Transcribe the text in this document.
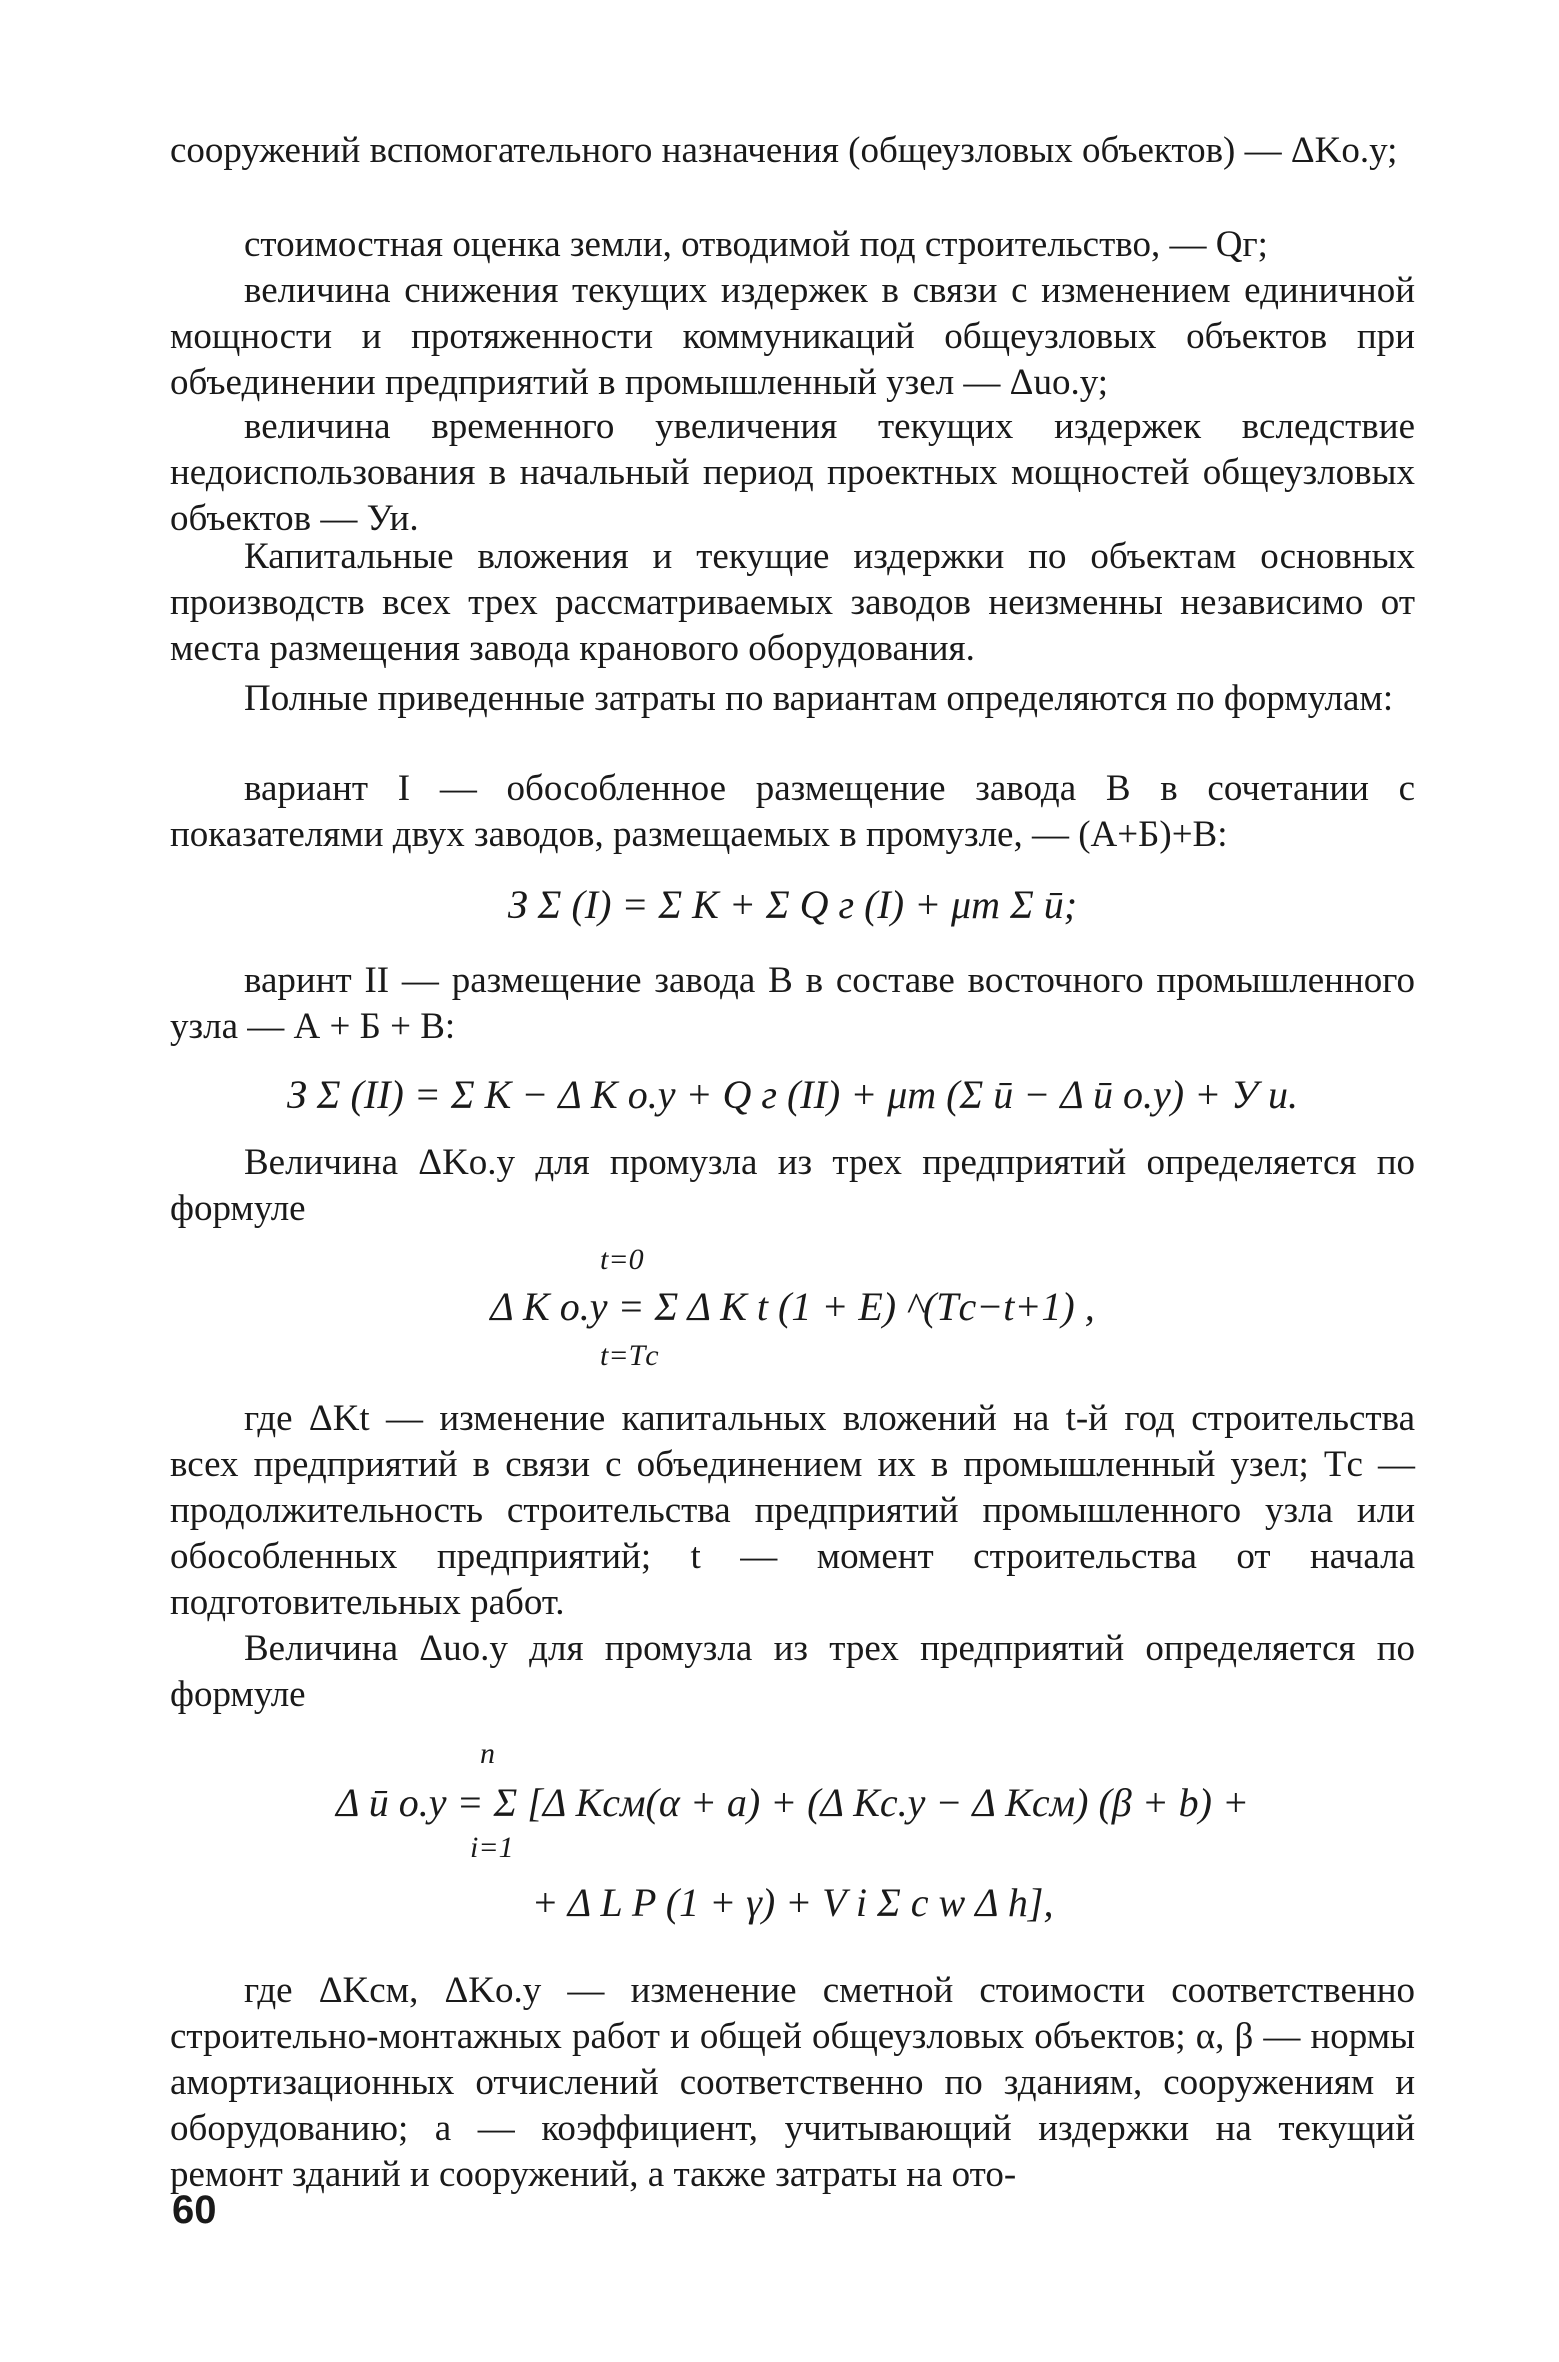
сооружений вспомогательного назначения (общеузловых объектов) — ΔKо.у;
стоимостная оценка земли, отводимой под строительство, — Qг;
величина снижения текущих издержек в связи с изменением единичной мощности и протяженности коммуникаций общеузловых объектов при объединении предприятий в промышленный узел — Δuо.у;
величина временного увеличения текущих издержек вследствие недоиспользования в начальный период проектных мощностей общеузловых объектов — Уи.
Капитальные вложения и текущие издержки по объектам основных производств всех трех рассматриваемых заводов неизменны независимо от места размещения завода кранового оборудования.
Полные приведенные затраты по вариантам определяются по формулам:
вариант I — обособленное размещение завода В в сочетании с показателями двух заводов, размещаемых в промузле, — (А+Б)+В:
З Σ (I) = Σ K + Σ Q г (I) + μт Σ ū;
варинт II — размещение завода В в составе восточного промышленного узла — А + Б + В:
З Σ (II) = Σ K − Δ K о.у + Q г (II) + μт (Σ ū − Δ ū о.у) + У и.
Величина ΔKо.у для промузла из трех предприятий определяется по формуле
t=0
Δ K о.у = Σ Δ K t (1 + E) ^(Tс−t+1) ,
t=Tс
где ΔKt — изменение капитальных вложений на t-й год строительства всех предприятий в связи с объединением их в промышленный узел; Tс — продолжительность строительства предприятий промышленного узла или обособленных предприятий; t — момент строительства от начала подготовительных работ.
Величина Δuо.у для промузла из трех предприятий определяется по формуле
n
Δ ū о.у = Σ [Δ Kсм(α + a) + (Δ Kс.у − Δ Kсм) (β + b) +
i=1
+ Δ L P (1 + γ) + V i Σ c w Δ h],
где ΔKсм, ΔKо.у — изменение сметной стоимости соответственно строительно-монтажных работ и общей общеузловых объектов; α, β — нормы амортизационных отчислений соответственно по зданиям, сооружениям и оборудованию; a — коэффициент, учитывающий издержки на текущий ремонт зданий и сооружений, а также затраты на ото-
60
